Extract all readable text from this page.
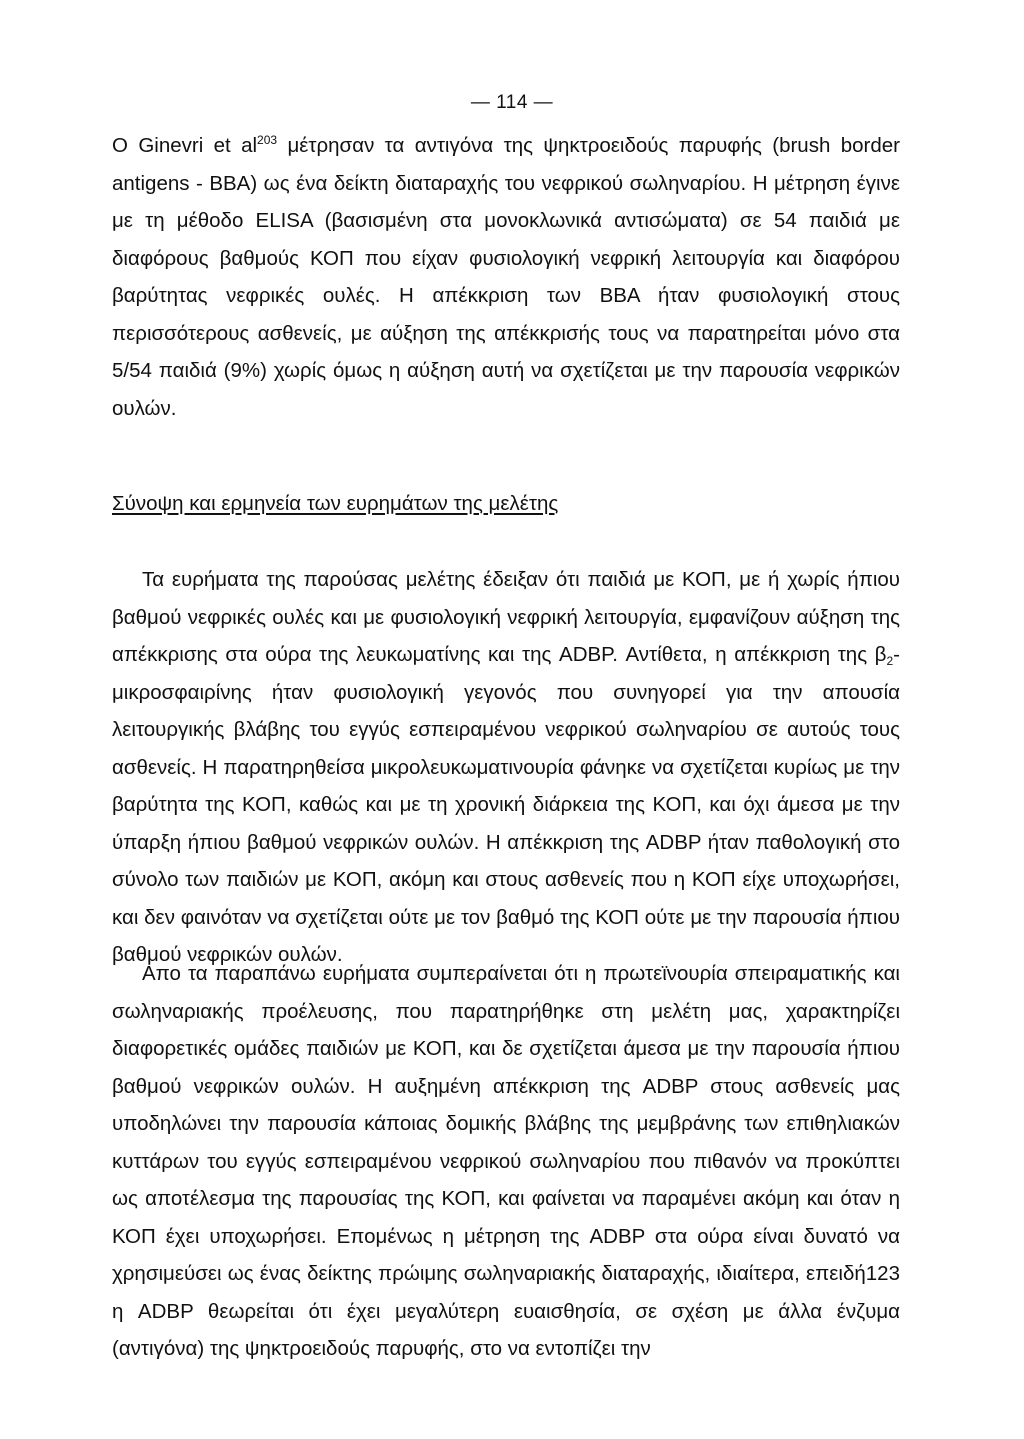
— 114 —

Ο Ginevri et $al^{203}$ μέτρησαν τα αντιγόνα της ψηκτροειδούς παρυφής (brush border antigens - BBA) ως ένα δείκτη διαταραχής του νεφρικού σωληναρίου. Η μέτρηση έγινε με τη μέθοδο ELISA (βασισμένη στα μονοκλωνικά αντισώματα) σε 54 παιδιά με διαφόρους βαθμούς ΚΟΠ που είχαν φυσιολογική νεφρική λειτουργία και διαφόρου βαρύτητας νεφρικές ουλές. Η απέκκριση των ΒΒΑ ήταν φυσιολογική στους περισσότερους ασθενείς, με αύξηση της απέκκρισής τους να παρατηρείται μόνο στα 5/54 παιδιά (9%) χωρίς όμως η αύξηση αυτή να σχετίζεται με την παρουσία νεφρικών ουλών.

Σύνοψη και ερμηνεία των ευρημάτων της μελέτης

Τα ευρήματα της παρούσας μελέτης έδειξαν ότι παιδιά με ΚΟΠ, με ή χωρίς ήπιου βαθμού νεφρικές ουλές και με φυσιολογική νεφρική λειτουργία, εμφανίζουν αύξηση της απέκκρισης στα ούρα της λευκωματίνης και της ADBP. Αντίθετα, η απέκκριση της $\beta_2$-μικροσφαιρίνης ήταν φυσιολογική γεγονός που συνηγορεί για την απουσία λειτουργικής βλάβης του εγγύς εσπειραμένου νεφρικού σωληναρίου σε αυτούς τους ασθενείς. Η παρατηρηθείσα μικρολευκωματινουρία φάνηκε να σχετίζεται κυρίως με την βαρύτητα της ΚΟΠ, καθώς και με τη χρονική διάρκεια της ΚΟΠ, και όχι άμεσα με την ύπαρξη ήπιου βαθμού νεφρικών ουλών. Η απέκκριση της ADBP ήταν παθολογική στο σύνολο των παιδιών με ΚΟΠ, ακόμη και στους ασθενείς που η ΚΟΠ είχε υποχωρήσει, και δεν φαινόταν να σχετίζεται ούτε με τον βαθμό της ΚΟΠ ούτε με την παρουσία ήπιου βαθμού νεφρικών ουλών.

Απο τα παραπάνω ευρήματα συμπεραίνεται ότι η πρωτεϊνουρία σπειραματικής και σωληναριακής προέλευσης, που παρατηρήθηκε στη μελέτη μας, χαρακτηρίζει διαφορετικές ομάδες παιδιών με ΚΟΠ, και δε σχετίζεται άμεσα με την παρουσία ήπιου βαθμού νεφρικών ουλών. Η αυξημένη απέκκριση της ADBP στους ασθενείς μας υποδηλώνει την παρουσία κάποιας δομικής βλάβης της μεμβράνης των επιθηλιακών κυττάρων του εγγύς εσπειραμένου νεφρικού σωληναρίου που πιθανόν να προκύπτει ως αποτέλεσμα της παρουσίας της ΚΟΠ, και φαίνεται να παραμένει ακόμη και όταν η ΚΟΠ έχει υποχωρήσει. Επομένως η μέτρηση της ADBP στα ούρα είναι δυνατό να χρησιμεύσει ως ένας δείκτης πρώιμης σωληναριακής διαταραχής, ιδιαίτερα, επειδή123 η ADBP θεωρείται ότι έχει μεγαλύτερη ευαισθησία, σε σχέση με άλλα ένζυμα (αντιγόνα) της ψηκτροειδούς παρυφής, στο να εντοπίζει την
